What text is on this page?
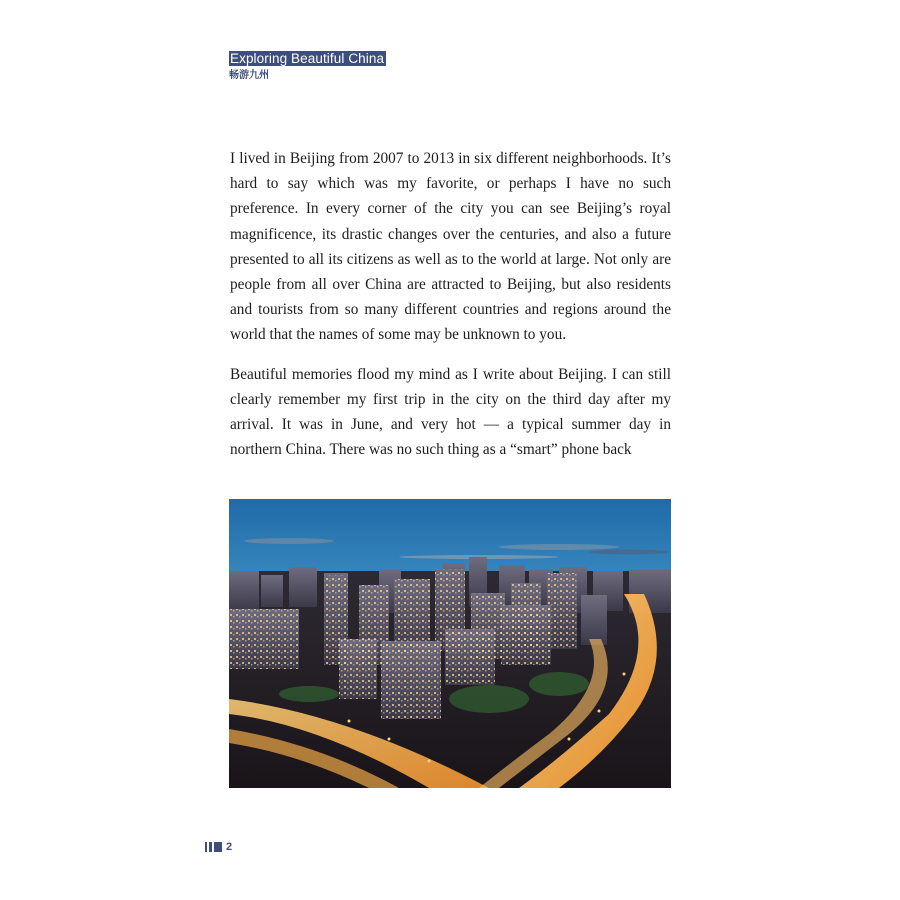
Exploring Beautiful China
畅游九州

I lived in Beijing from 2007 to 2013 in six different neighborhoods. It’s hard to say which was my favorite, or perhaps I have no such preference. In every corner of the city you can see Beijing’s royal magnificence, its drastic changes over the centuries, and also a future presented to all its citizens as well as to the world at large. Not only are people from all over China are attracted to Beijing, but also residents and tourists from so many different countries and regions around the world that the names of some may be unknown to you.

Beautiful memories flood my mind as I write about Beijing. I can still clearly remember my first trip in the city on the third day after my arrival. It was in June, and very hot — a typical summer day in northern China. There was no such thing as a “smart” phone back

2
